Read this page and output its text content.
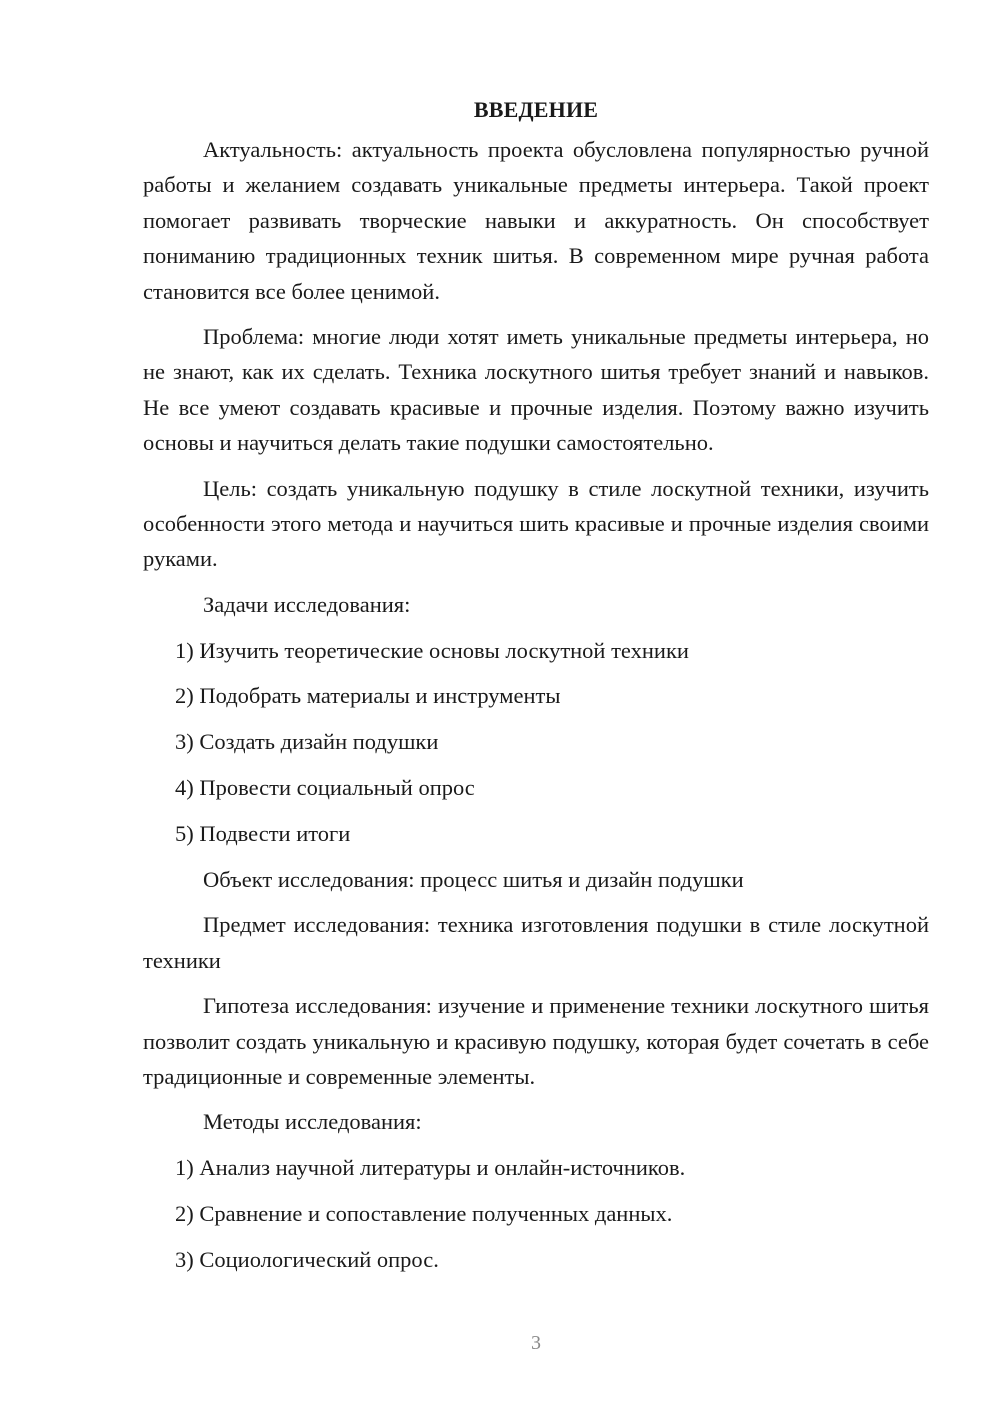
ВВЕДЕНИЕ

Актуальность: актуальность проекта обусловлена популярностью ручной работы и желанием создавать уникальные предметы интерьера. Такой проект помогает развивать творческие навыки и аккуратность. Он способствует пониманию традиционных техник шитья. В современном мире ручная работа становится все более ценимой.

Проблема: многие люди хотят иметь уникальные предметы интерьера, но не знают, как их сделать. Техника лоскутного шитья требует знаний и навыков. Не все умеют создавать красивые и прочные изделия. Поэтому важно изучить основы и научиться делать такие подушки самостоятельно.

Цель: создать уникальную подушку в стиле лоскутной техники, изучить особенности этого метода и научиться шить красивые и прочные изделия своими руками.

Задачи исследования:
1) Изучить теоретические основы лоскутной техники
2) Подобрать материалы и инструменты
3) Создать дизайн подушки
4) Провести социальный опрос
5) Подвести итоги
Объект исследования: процесс шитья и дизайн подушки

Предмет исследования: техника изготовления подушки в стиле лоскутной техники

Гипотеза исследования: изучение и применение техники лоскутного шитья позволит создать уникальную и красивую подушку, которая будет сочетать в себе традиционные и современные элементы.

Методы исследования:
1) Анализ научной литературы и онлайн-источников.
2) Сравнение и сопоставление полученных данных.
3) Социологический опрос.
3
